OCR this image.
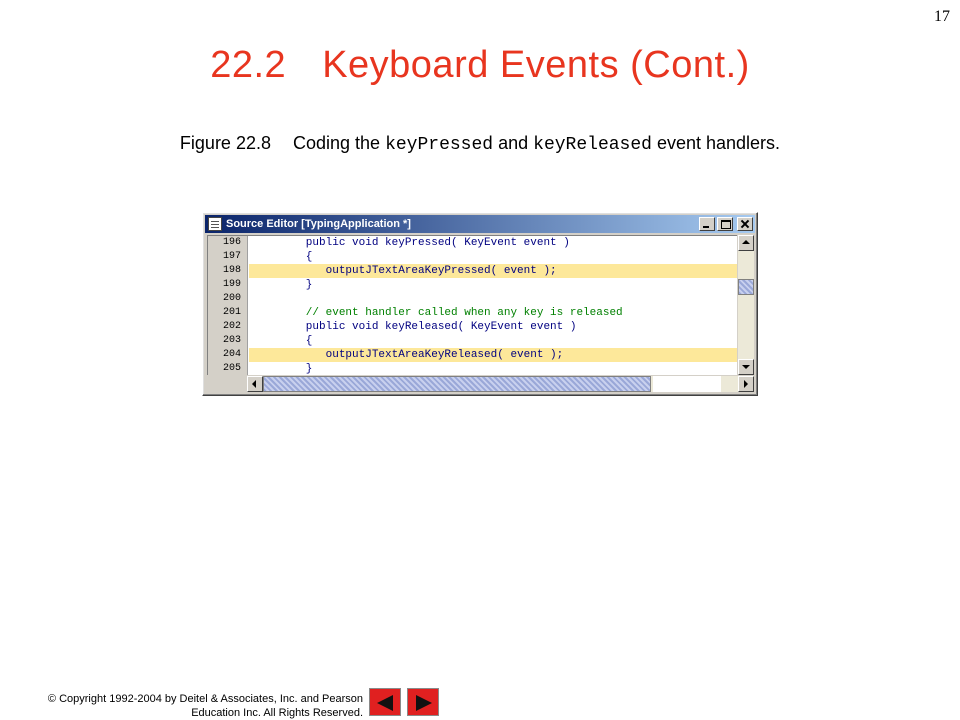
17
22.2 Keyboard Events (Cont.)
Figure 22.8 Coding the keyPressed and keyReleased event handlers.
Source Editor [TypingApplication *]
196	public void keyPressed( KeyEvent event )
197	{
198	outputJTextAreaKeyPressed( event );
199	}
200
201	// event handler called when any key is released
202	public void keyReleased( KeyEvent event )
203	{
204	outputJTextAreaKeyReleased( event );
205	}
© Copyright 1992-2004 by Deitel & Associates, Inc. and Pearson
Education Inc. All Rights Reserved.
